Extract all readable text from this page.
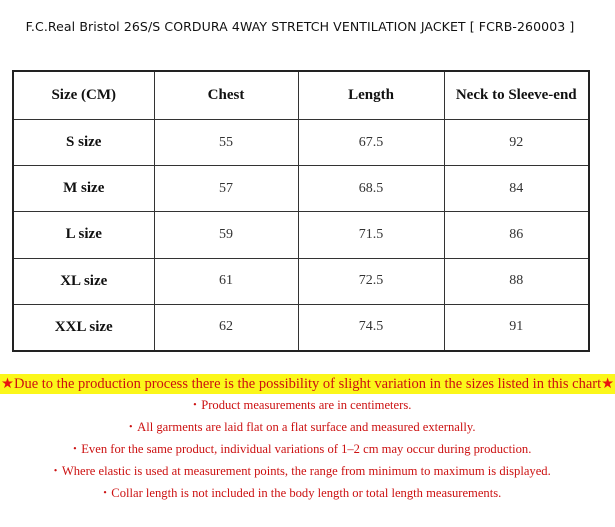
F.C.Real Bristol 26S/S CORDURA 4WAY STRETCH VENTILATION JACKET [ FCRB-260003 ]
Size (CM)	Chest	Length	Neck to Sleeve-end
S size	55	67.5	92
M size	57	68.5	84
L size	59	71.5	86
XL size	61	72.5	88
XXL size	62	74.5	91
★Due to the production process there is the possibility of slight variation in the sizes listed in this chart★
・Product measurements are in centimeters.
・All garments are laid flat on a flat surface and measured externally.
・Even for the same product, individual variations of 1–2 cm may occur during production.
・Where elastic is used at measurement points, the range from minimum to maximum is displayed.
・Collar length is not included in the body length or total length measurements.
